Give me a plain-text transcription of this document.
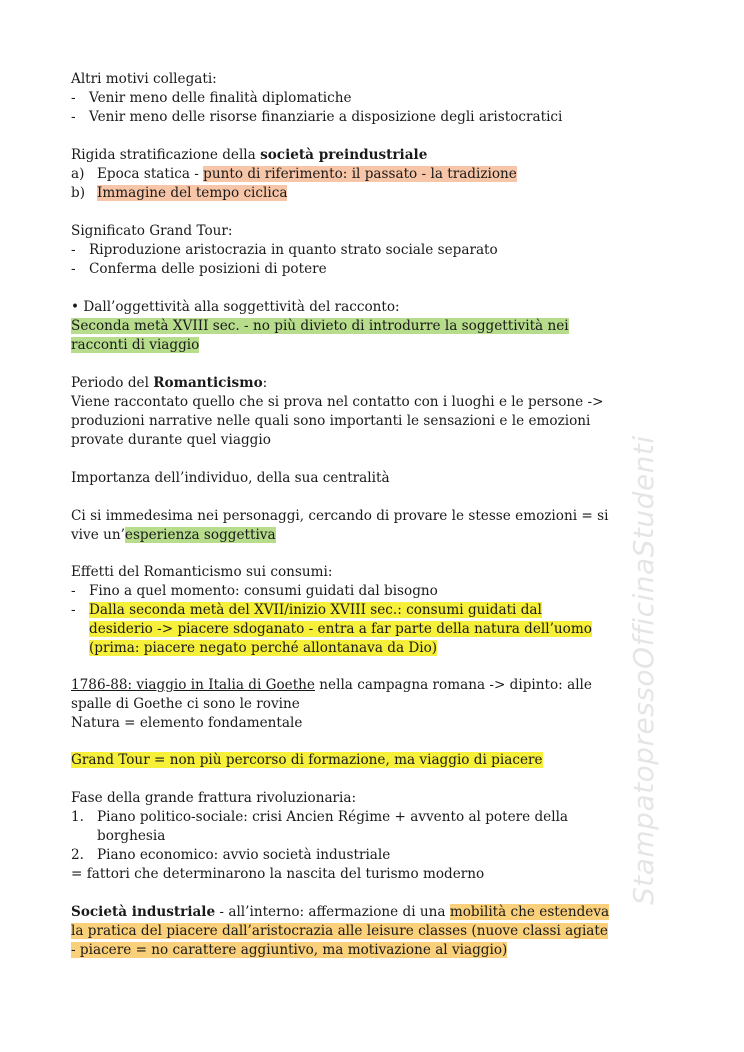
Altri motivi collegati:
- Venir meno delle finalità diplomatiche
- Venir meno delle risorse finanziarie a disposizione degli aristocratici
Rigida stratificazione della società preindustriale
a) Epoca statica - punto di riferimento: il passato - la tradizione
b) Immagine del tempo ciclica
Significato Grand Tour:
- Riproduzione aristocrazia in quanto strato sociale separato
- Conferma delle posizioni di potere
• Dall’oggettività alla soggettività del racconto:
Seconda metà XVIII sec. - no più divieto di introdurre la soggettività nei
racconti di viaggio
Periodo del Romanticismo:
Viene raccontato quello che si prova nel contatto con i luoghi e le persone ->
produzioni narrative nelle quali sono importanti le sensazioni e le emozioni
provate durante quel viaggio
Importanza dell’individuo, della sua centralità
Ci si immedesima nei personaggi, cercando di provare le stesse emozioni = si
vive un’esperienza soggettiva
Effetti del Romanticismo sui consumi:
- Fino a quel momento: consumi guidati dal bisogno
- Dalla seconda metà del XVII/inizio XVIII sec.: consumi guidati dal
desiderio -> piacere sdoganato - entra a far parte della natura dell’uomo
(prima: piacere negato perché allontanava da Dio)
1786-88: viaggio in Italia di Goethe nella campagna romana -> dipinto: alle
spalle di Goethe ci sono le rovine
Natura = elemento fondamentale
Grand Tour = non più percorso di formazione, ma viaggio di piacere
Fase della grande frattura rivoluzionaria:
1. Piano politico-sociale: crisi Ancien Régime + avvento al potere della
borghesia
2. Piano economico: avvio società industriale
= fattori che determinarono la nascita del turismo moderno
Società industriale - all’interno: affermazione di una mobilità che estendeva
la pratica del piacere dall’aristocrazia alle leisure classes (nuove classi agiate
- piacere = no carattere aggiuntivo, ma motivazione al viaggio)
StampatopressoOfficinaStudenti
